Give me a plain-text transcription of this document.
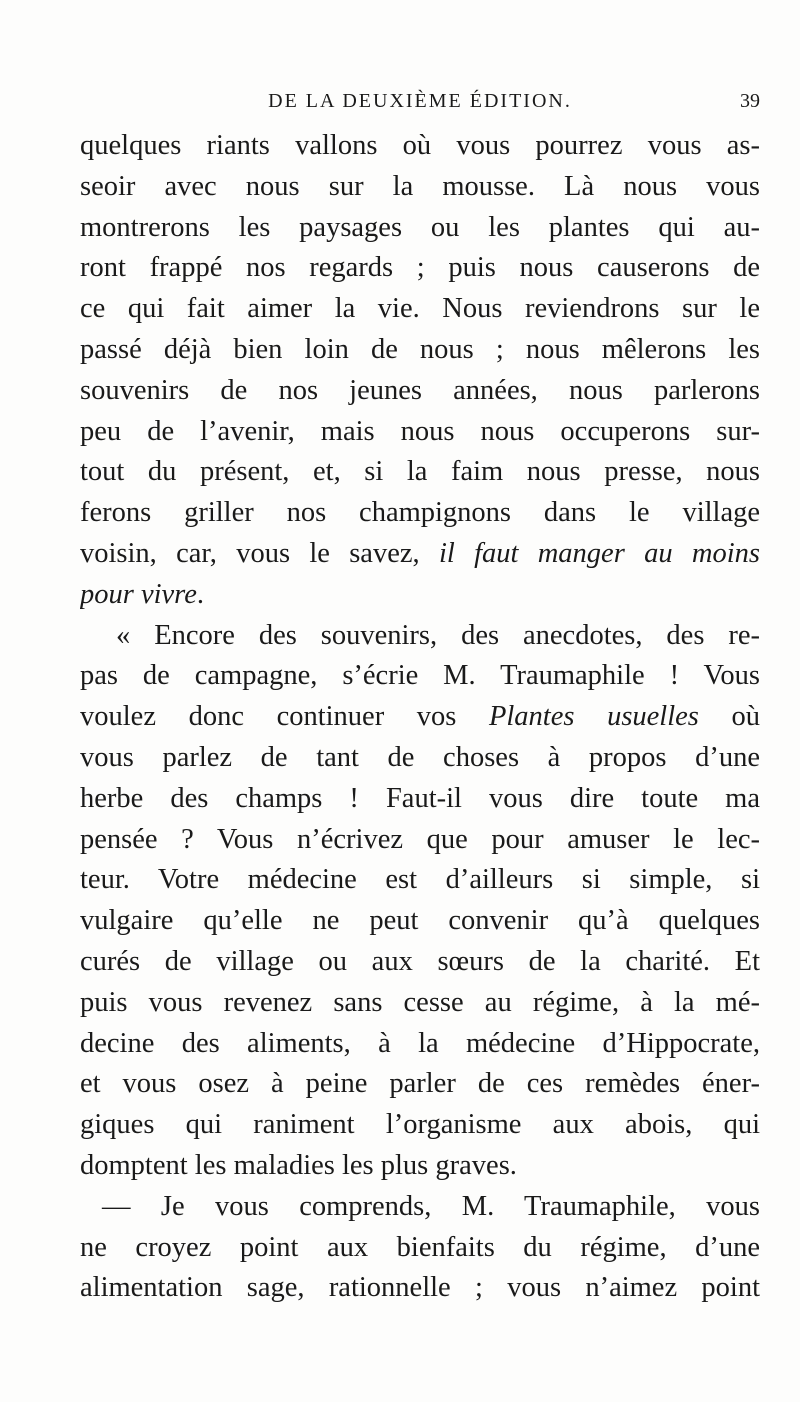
DE LA DEUXIÈME ÉDITION.	39
quelques riants vallons où vous pourrez vous as-
seoir avec nous sur la mousse. Là nous vous
montrerons les paysages ou les plantes qui au-
ront frappé nos regards ; puis nous causerons de
ce qui fait aimer la vie. Nous reviendrons sur le
passé déjà bien loin de nous ; nous mêlerons les
souvenirs de nos jeunes années, nous parlerons
peu de l’avenir, mais nous nous occuperons sur-
tout du présent, et, si la faim nous presse, nous
ferons griller nos champignons dans le village
voisin, car, vous le savez, il faut manger au moins
pour vivre.
« Encore des souvenirs, des anecdotes, des re-
pas de campagne, s’écrie M. Traumaphile ! Vous
voulez donc continuer vos Plantes usuelles où
vous parlez de tant de choses à propos d’une
herbe des champs ! Faut-il vous dire toute ma
pensée ? Vous n’écrivez que pour amuser le lec-
teur. Votre médecine est d’ailleurs si simple, si
vulgaire qu’elle ne peut convenir qu’à quelques
curés de village ou aux sœurs de la charité. Et
puis vous revenez sans cesse au régime, à la mé-
decine des aliments, à la médecine d’Hippocrate,
et vous osez à peine parler de ces remèdes éner-
giques qui raniment l’organisme aux abois, qui
domptent les maladies les plus graves.
— Je vous comprends, M. Traumaphile, vous
ne croyez point aux bienfaits du régime, d’une
alimentation sage, rationnelle ; vous n’aimez point
